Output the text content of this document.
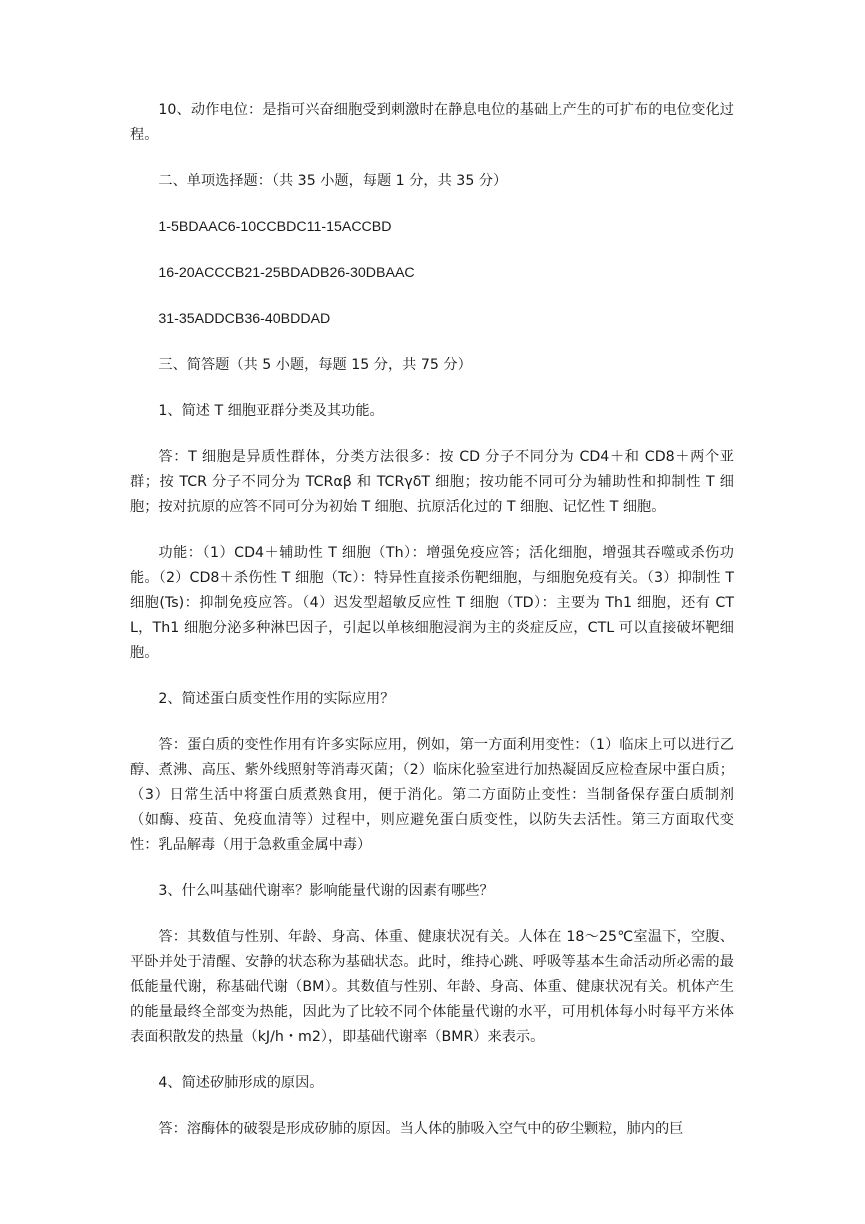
10、动作电位：是指可兴奋细胞受到刺激时在静息电位的基础上产生的可扩布的电位变化过程。

二、单项选择题：（共 35 小题，每题 1 分，共 35 分）

1-5BDAAC6-10CCBDC11-15ACCBD

16-20ACCCB21-25BDADB26-30DBAAC

31-35ADDCB36-40BDDAD

三、简答题（共 5 小题，每题 15 分，共 75 分）

1、简述 T 细胞亚群分类及其功能。

答：T 细胞是异质性群体，分类方法很多：按 CD 分子不同分为 CD4＋和 CD8＋两个亚群；按 TCR 分子不同分为 TCRαβ 和 TCRγδT 细胞；按功能不同可分为辅助性和抑制性 T 细胞；按对抗原的应答不同可分为初始 T 细胞、抗原活化过的 T 细胞、记忆性 T 细胞。

功能：（1）CD4＋辅助性 T 细胞（Th）：增强免疫应答；活化细胞，增强其吞噬或杀伤功能。（2）CD8＋杀伤性 T 细胞（Tc）：特异性直接杀伤靶细胞，与细胞免疫有关。（3）抑制性 T 细胞(Ts)：抑制免疫应答。（4）迟发型超敏反应性 T 细胞（TD）：主要为 Th1 细胞，还有 CTL，Th1 细胞分泌多种淋巴因子，引起以单核细胞浸润为主的炎症反应，CTL 可以直接破坏靶细胞。

2、简述蛋白质变性作用的实际应用？

答：蛋白质的变性作用有许多实际应用，例如，第一方面利用变性：（1）临床上可以进行乙醇、煮沸、高压、紫外线照射等消毒灭菌；（2）临床化验室进行加热凝固反应检查尿中蛋白质；（3）日常生活中将蛋白质煮熟食用，便于消化。第二方面防止变性：当制备保存蛋白质制剂（如酶、疫苗、免疫血清等）过程中，则应避免蛋白质变性，以防失去活性。第三方面取代变性：乳品解毒（用于急救重金属中毒）

3、什么叫基础代谢率？影响能量代谢的因素有哪些？

答：其数值与性别、年龄、身高、体重、健康状况有关。人体在 18～25℃室温下，空腹、平卧并处于清醒、安静的状态称为基础状态。此时，维持心跳、呼吸等基本生命活动所必需的最低能量代谢，称基础代谢（BM）。其数值与性别、年龄、身高、体重、健康状况有关。机体产生的能量最终全部变为热能，因此为了比较不同个体能量代谢的水平，可用机体每小时每平方米体表面积散发的热量（kJ/h・m2），即基础代谢率（BMR）来表示。

4、简述矽肺形成的原因。

答：溶酶体的破裂是形成矽肺的原因。当人体的肺吸入空气中的矽尘颗粒，肺内的巨
